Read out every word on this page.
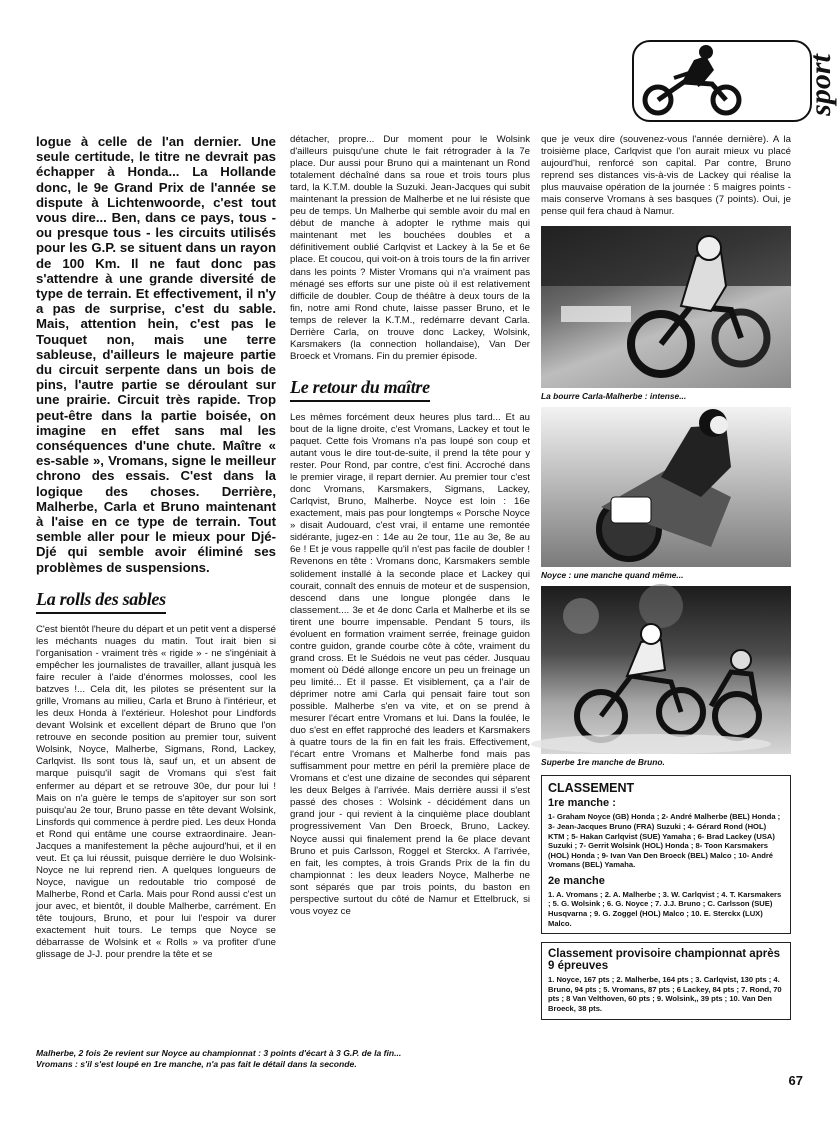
sport

logue à celle de l'an dernier. Une seule certitude, le titre ne devrait pas échapper à Honda... La Hollande donc, le 9e Grand Prix de l'année se dispute à Lichtenwoorde, c'est tout vous dire... Ben, dans ce pays, tous - ou presque tous - les circuits utilisés pour les G.P. se situent dans un rayon de 100 Km. Il ne faut donc pas s'attendre à une grande diversité de type de terrain. Et effectivement, il n'y a pas de surprise, c'est du sable. Mais, attention hein, c'est pas le Touquet non, mais une terre sableuse, d'ailleurs le majeure partie du circuit serpente dans un bois de pins, l'autre partie se déroulant sur une prairie. Circuit très rapide. Trop peut-être dans la partie boisée, on imagine en effet sans mal les conséquences d'une chute. Maître « es-sable », Vromans, signe le meilleur chrono des essais. C'est dans la logique des choses. Derrière, Malherbe, Carla et Bruno maintenant à l'aise en ce type de terrain. Tout semble aller pour le mieux pour Djé-Djé qui semble avoir éliminé ses problèmes de suspensions.

La rolls des sables

C'est bientôt l'heure du départ et un petit vent a dispersé les méchants nuages du matin. Tout irait bien si l'organisation - vraiment très « rigide » - ne s'ingéniait à empêcher les journalistes de travailler, allant jusquà les faire reculer à l'aide d'énormes molosses, cool les batzves !... Cela dit, les pilotes se présentent sur la grille, Vromans au milieu, Carla et Bruno à l'intérieur, et les deux Honda à l'extérieur. Holeshot pour Lindfords devant Wolsink et excellent départ de Bruno que l'on retrouve en seconde position au premier tour, suivent Wolsink, Noyce, Malherbe, Sigmans, Rond, Lackey, Carlqvist. Ils sont tous là, sauf un, et un absent de marque puisqu'il sagit de Vromans qui s'est fait enfermer au départ et se retrouve 30e, dur pour lui ! Mais on n'a guère le temps de s'apitoyer sur son sort puisqu'au 2e tour, Bruno passe en tête devant Wolsink, Linsfords qui commence à perdre pied. Les deux Honda et Rond qui entâme une course extraordinaire. Jean-Jacques a manifestement la pêche aujourd'hui, et il en veut. Et ça lui réussit, puisque derrière le duo Wolsink-Noyce ne lui reprend rien. A quelques longueurs de Noyce, navigue un redoutable trio composé de Malherbe, Rond et Carla. Mais pour Rond aussi c'est un jour avec, et bientôt, il double Malherbe, carrément. En tête toujours, Bruno, et pour lui l'espoir va durer exactement huit tours. Le temps que Noyce se débarrasse de Wolsink et « Rolls » va profiter d'une glissage de J-J. pour prendre la tête et se

détacher, propre... Dur moment pour le Wolsink d'ailleurs puisqu'une chute le fait rétrograder à la 7e place. Dur aussi pour Bruno qui a maintenant un Rond totalement déchaîné dans sa roue et trois tours plus tard, la K.T.M. double la Suzuki. Jean-Jacques qui subit maintenant la pression de Malherbe et ne lui résiste que peu de temps. Un Malherbe qui semble avoir du mal en début de manche à adopter le rythme mais qui maintenant met les bouchées doubles et a définitivement oublié Carlqvist et Lackey à la 5e et 6e place. Et coucou, qui voit-on à trois tours de la fin arriver dans les points ? Mister Vromans qui n'a vraiment pas ménagé ses efforts sur une piste où il est relativement difficile de doubler. Coup de théâtre à deux tours de la fin, notre ami Rond chute, laisse passer Bruno, et le temps de relever la K.T.M., redémarre devant Carla. Derrière Carla, on trouve donc Lackey, Wolsink, Karsmakers (la connection hollandaise), Van Der Broeck et Vromans. Fin du premier épisode.

Le retour du maître

Les mêmes forcément deux heures plus tard... Et au bout de la ligne droite, c'est Vromans, Lackey et tout le paquet. Cette fois Vromans n'a pas loupé son coup et autant vous le dire tout-de-suite, il prend la tête pour y rester. Pour Rond, par contre, c'est fini. Accroché dans le premier virage, il repart dernier. Au premier tour c'est donc Vromans, Karsmakers, Sigmans, Lackey, Carlqvist, Bruno, Malherbe. Noyce est loin : 16e exactement, mais pas pour longtemps « Porsche Noyce » disait Audouard, c'est vrai, il entame une remontée sidérante, jugez-en : 14e au 2e tour, 11e au 3e, 8e au 6e ! Et je vous rappelle qu'il n'est pas facile de doubler ! Revenons en tête : Vromans donc, Karsmakers semble solidement installé à la seconde place et Lackey qui courait, connaît des ennuis de moteur et de suspension, descend dans une longue plongée dans le classement.... 3e et 4e donc Carla et Malherbe et ils se tirent une bourre impensable. Pendant 5 tours, ils évoluent en formation vraiment serrée, freinage guidon contre guidon, grande courbe côte à côte, vraiment du grand cross. Et le Suédois ne veut pas céder. Jusquau moment où Dédé allonge encore un peu un freinage un peu limité... Et il passe. Et visiblement, ça a l'air de déprimer notre ami Carla qui pensait faire tout son possible. Malherbe s'en va vite, et on se prend à mesurer l'écart entre Vromans et lui. Dans la foulée, le duo s'est en effet rapproché des leaders et Karsmakers à quatre tours de la fin en fait les frais. Effectivement, l'écart entre Vromans et Malherbe fond mais pas suffisamment pour mettre en péril la première place de Vromans et c'est une dizaine de secondes qui séparent les deux Belges à l'arrivée. Mais derrière aussi il s'est passé des choses : Wolsink - décidément dans un grand jour - qui revient à la cinquième place doublant progressivement Van Den Broeck, Bruno, Lackey. Noyce aussi qui finalement prend la 6e place devant Bruno et puis Carlsson, Roggel et Sterckx. A l'arrivée, en fait, les comptes, à trois Grands Prix de la fin du championnat : les deux leaders Noyce, Malherbe ne sont séparés que par trois points, du baston en perspective surtout du côté de Namur et Ettelbruck, si vous voyez ce

que je veux dire (souvenez-vous l'année dernière). A la troisième place, Carlqvist que l'on aurait mieux vu placé aujourd'hui, renforcé son capital. Par contre, Bruno reprend ses distances vis-à-vis de Lackey qui réalise la plus mauvaise opération de la journée : 5 maigres points - mais conserve Vromans à ses basques (7 points). Oui, je pense quil fera chaud à Namur.

La bourre Carla-Malherbe : intense...

Noyce : une manche quand même...

Superbe 1re manche de Bruno.

CLASSEMENT
1re manche :

1- Graham Noyce (GB) Honda ; 2- André Malherbe (BEL) Honda ; 3- Jean-Jacques Bruno (FRA) Suzuki ; 4- Gérard Rond (HOL) KTM ; 5- Hakan Carlqvist (SUE) Yamaha ; 6- Brad Lackey (USA) Suzuki ; 7- Gerrit Wolsink (HOL) Honda ; 8- Toon Karsmakers (HOL) Honda ; 9- Ivan Van Den Broeck (BEL) Malco ; 10- André Vromans (BEL) Yamaha.

2e manche

1. A. Vromans ; 2. A. Malherbe ; 3. W. Carlqvist ; 4. T. Karsmakers ; 5. G. Wolsink ; 6. G. Noyce ; 7. J.J. Bruno ; C. Carlsson (SUE) Husqvarna ; 9. G. Zoggel (HOL) Malco ; 10. E. Sterckx (LUX) Malco.

Classement provisoire championnat après 9 épreuves

1. Noyce, 167 pts ; 2. Malherbe, 164 pts ; 3. Carlqvist, 130 pts ; 4. Bruno, 94 pts ; 5. Vromans, 87 pts ; 6 Lackey, 84 pts ; 7. Rond, 70 pts ; 8 Van Velthoven, 60 pts ; 9. Wolsink,, 39 pts ; 10. Van Den Broeck, 38 pts.

Malherbe, 2 fois 2e revient sur Noyce au championnat : 3 points d'écart à 3 G.P. de la fin...
Vromans : s'il s'est loupé en 1re manche, n'a pas fait le détail dans la seconde.
67
